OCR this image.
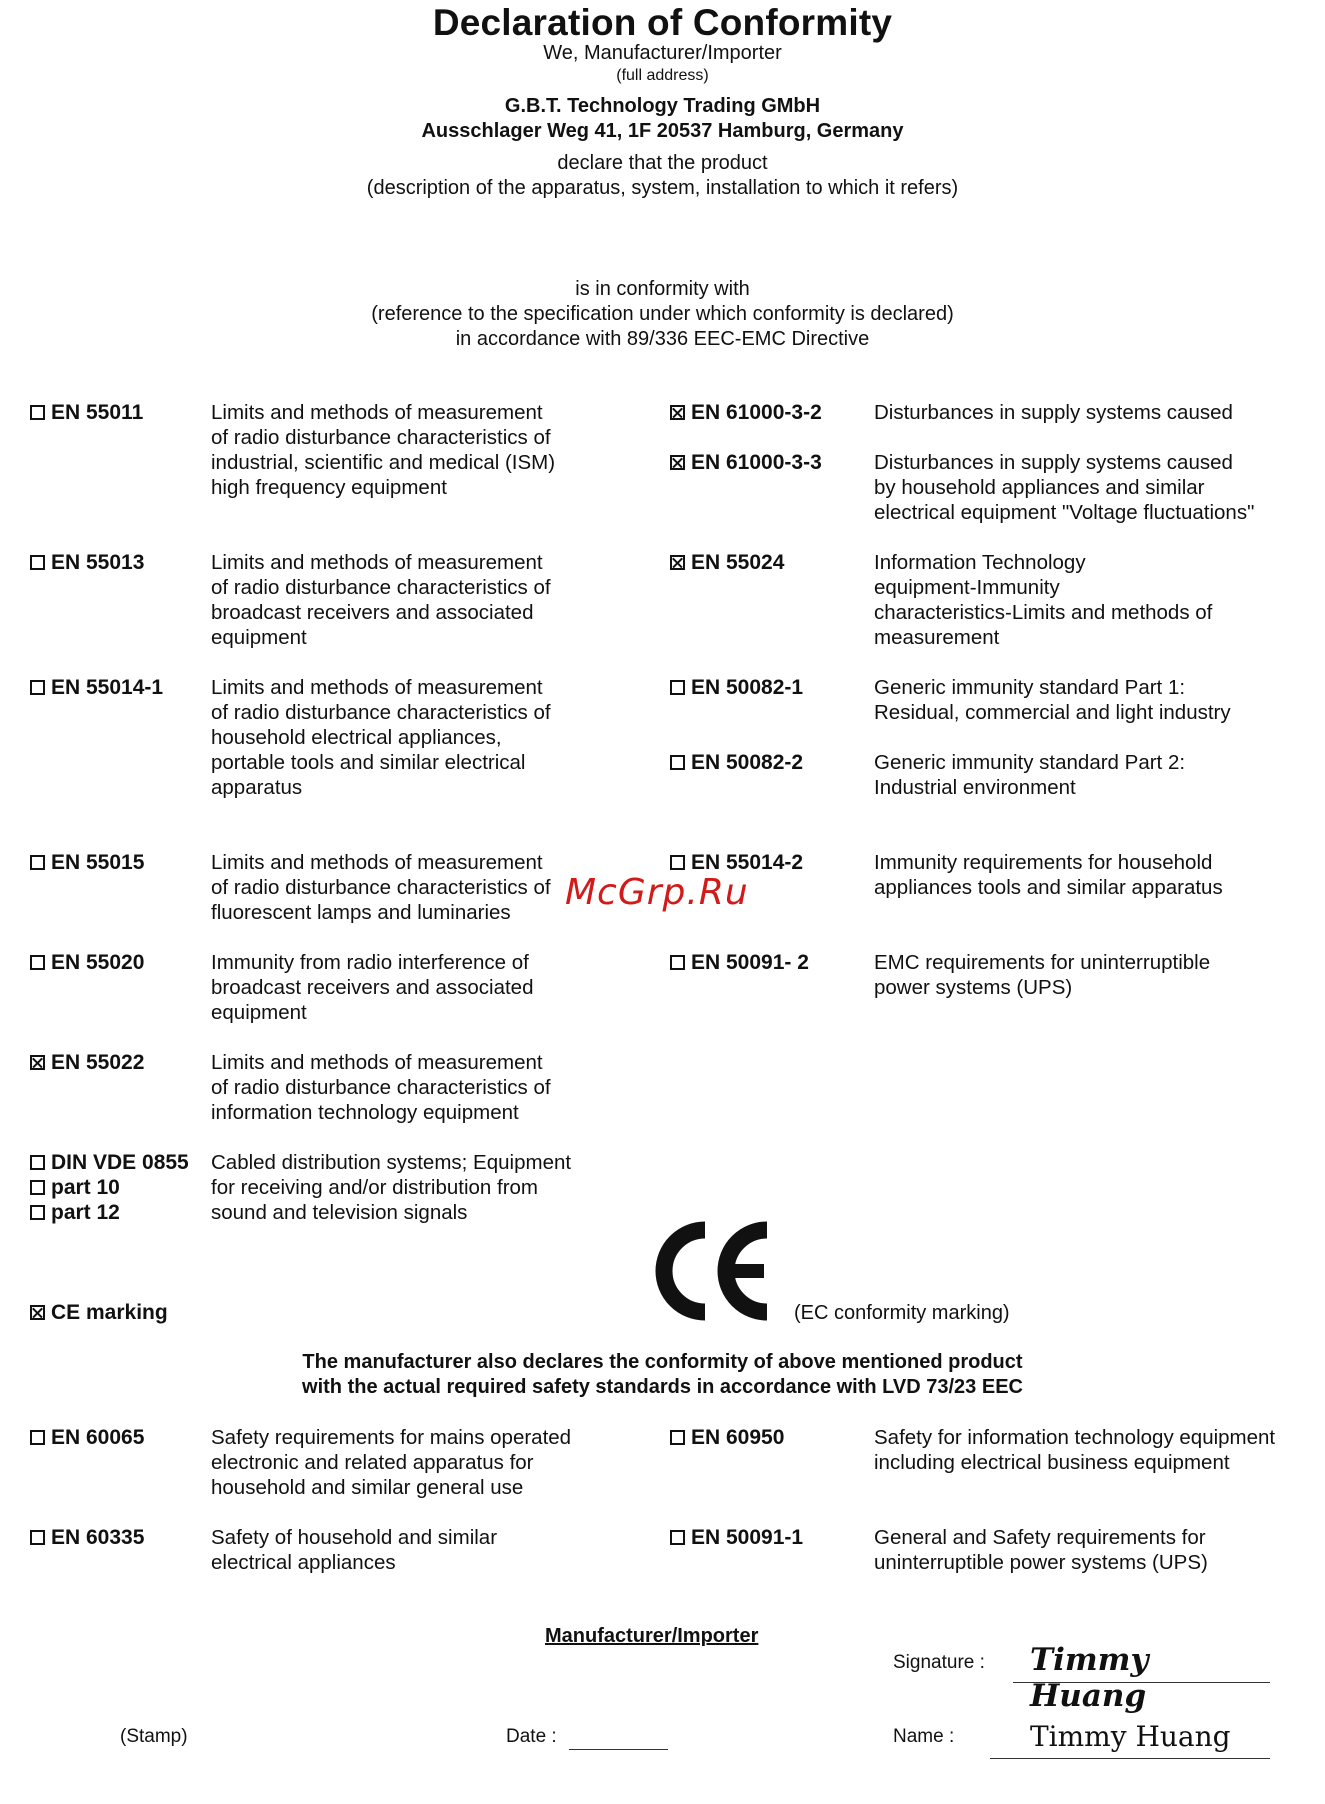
Declaration of Conformity
We, Manufacturer/Importer
(full address)
G.B.T. Technology Trading GMbH
Ausschlager Weg 41, 1F 20537 Hamburg, Germany
declare that the product
(description of the apparatus, system, installation to which it refers)
is in conformity with
(reference to the specification under which conformity is declared)
in accordance with 89/336 EEC-EMC Directive
EN 55011	Limits and methods of measurement
of radio disturbance characteristics of
industrial, scientific and medical (ISM)
high frequency equipment
EN 55013	Limits and methods of measurement
of radio disturbance characteristics of
broadcast receivers and associated
equipment
EN 55014-1 Limits and methods of measurement
of radio disturbance characteristics of
household electrical appliances,
portable tools and similar electrical
apparatus
EN 55015	Limits and methods of measurement
of radio disturbance characteristics of
fluorescent lamps and luminaries
EN 55020	Immunity from radio interference of
broadcast receivers and associated
equipment
EN 55022	Limits and methods of measurement
of radio disturbance characteristics of
information technology equipment
EN 61000-3-2	Disturbances in supply systems caused
EN 61000-3-3	Disturbances in supply systems caused
by household appliances and similar
electrical equipment "Voltage fluctuations"
EN 55024	Information Technology
equipment-Immunity
characteristics-Limits and methods of
measurement
EN 50082-1	Generic immunity standard Part 1:
Residual, commercial and light industry
EN 50082-2	Generic immunity standard Part 2:
Industrial environment
EN 55014-2	Immunity requirements for household
appliances tools and similar apparatus
EN 50091- 2	EMC requirements for uninterruptible
power systems (UPS)
McGrp.Ru
DIN VDE 0855
part 10
part 12
Cabled distribution systems; Equipment
for receiving and/or distribution from
sound and television signals
CE marking	(EC conformity marking)
The manufacturer also declares the conformity of above mentioned product
with the actual required safety standards in accordance with LVD 73/23 EEC
EN 60065	Safety requirements for mains operated
electronic and related apparatus for
household and similar general use
EN 60335	Safety of household and similar
electrical appliances
EN 60950	Safety for information technology equipment
including electrical business equipment
EN 50091-1	General and Safety requirements for
uninterruptible power systems (UPS)
Manufacturer/Importer
Signature : Timmy Huang
(Stamp)	Date :	Name :	Timmy Huang
